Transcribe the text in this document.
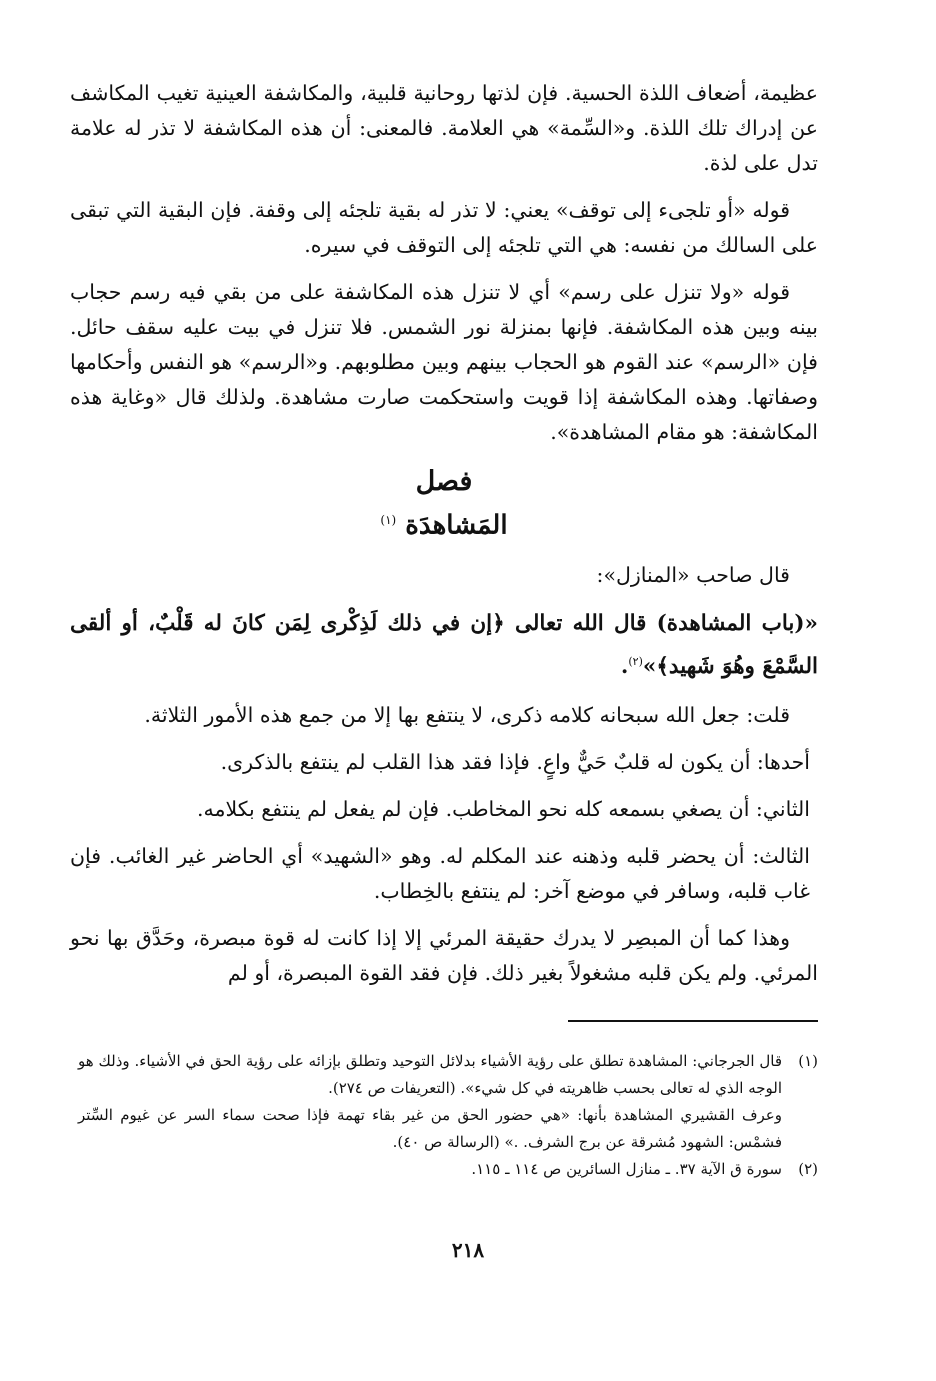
عظيمة، أضعاف اللذة الحسية. فإن لذتها روحانية قلبية، والمكاشفة العينية تغيب المكاشف عن إدراك تلك اللذة. و«السِّمة» هي العلامة. فالمعنى: أن هذه المكاشفة لا تذر له علامة تدل على لذة.

قوله «أو تلجىء إلى توقف» يعني: لا تذر له بقية تلجئه إلى وقفة. فإن البقية التي تبقى على السالك من نفسه: هي التي تلجئه إلى التوقف في سيره.

قوله «ولا تنزل على رسم» أي لا تنزل هذه المكاشفة على من بقي فيه رسم حجاب بينه وبين هذه المكاشفة. فإنها بمنزلة نور الشمس. فلا تنزل في بيت عليه سقف حائل. فإن «الرسم» عند القوم هو الحجاب بينهم وبين مطلوبهم. و«الرسم» هو النفس وأحكامها وصفاتها. وهذه المكاشفة إذا قويت واستحكمت صارت مشاهدة. ولذلك قال «وغاية هذه المكاشفة: هو مقام المشاهدة».

فصل
المَشاهدَة $^{(١)}$

قال صاحب «المنازل»:

«(باب المشاهدة) قال الله تعالى ﴿إن في ذلك لَذِكْرى لِمَن كانَ له قَلْبٌ، أو ألقى السَّمْعَ وهُوَ شَهيد﴾»$^{(٢)}$.

قلت: جعل الله سبحانه كلامه ذكرى، لا ينتفع بها إلا من جمع هذه الأمور الثلاثة.

أحدها: أن يكون له قلبٌ حَيٌّ واعٍ. فإذا فقد هذا القلب لم ينتفع بالذكرى.

الثاني: أن يصغي بسمعه كله نحو المخاطب. فإن لم يفعل لم ينتفع بكلامه.

الثالث: أن يحضر قلبه وذهنه عند المكلم له. وهو «الشهيد» أي الحاضر غير الغائب. فإن غاب قلبه، وسافر في موضع آخر: لم ينتفع بالخِطاب.

وهذا كما أن المبصِر لا يدرك حقيقة المرئي إلا إذا كانت له قوة مبصرة، وحَدَّق بها نحو المرئي. ولم يكن قلبه مشغولاً بغير ذلك. فإن فقد القوة المبصرة، أو لم

(١)

قال الجرجاني: المشاهدة تطلق على رؤية الأشياء بدلائل التوحيد وتطلق بإزائه على رؤية الحق في الأشياء. وذلك هو الوجه الذي له تعالى بحسب ظاهريته في كل شيء». (التعريفات ص ٢٧٤).

وعرف القشيري المشاهدة بأنها: «هي حضور الحق من غير بقاء تهمة فإذا صحت سماء السر عن غيوم السِّتر فشمْس: الشهود مُشرقة عن برج الشرف. .» (الرسالة ص ٤٠).

(٢)

سورة ق الآية ٣٧. ـ منازل السائرين ص ١١٤ ـ ١١٥.

٢١٨
